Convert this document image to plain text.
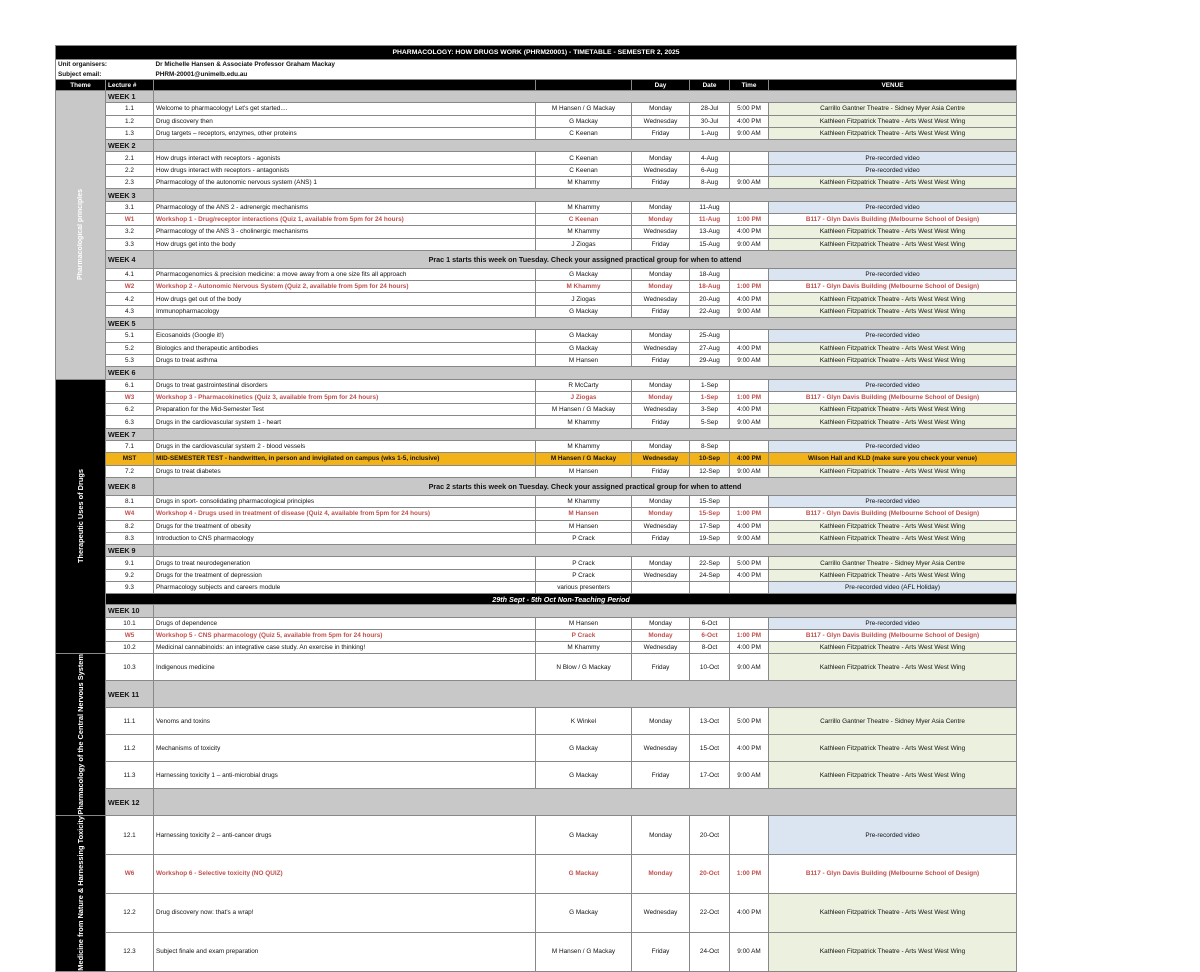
PHARMACOLOGY: HOW DRUGS WORK (PHRM20001) - TIMETABLE - SEMESTER 2, 2025							
Unit organisers:		Dr Michelle Hansen & Associate Professor Graham Mackay					
Subject email:		PHRM-20001@unimelb.edu.au					
Theme	Lecture #			Day	Date	Time	VENUE

Pharmacological principles	WEEK 1						
	1.1	Welcome to pharmacology! Let's get started....	M Hansen / G Mackay	Monday	28-Jul	5:00 PM	Carrillo Gantner Theatre - Sidney Myer Asia Centre
	1.2	Drug discovery then	G Mackay	Wednesday	30-Jul	4:00 PM	Kathleen Fitzpatrick Theatre - Arts West West Wing
	1.3	Drug targets – receptors, enzymes, other proteins	C Keenan	Friday	1-Aug	9:00 AM	Kathleen Fitzpatrick Theatre - Arts West West Wing
	WEEK 2						
	2.1	How drugs interact with receptors - agonists	C Keenan	Monday	4-Aug		Pre-recorded video
	2.2	How drugs interact with receptors - antagonists	C Keenan	Wednesday	6-Aug		Pre-recorded video
	2.3	Pharmacology of the autonomic nervous system (ANS) 1	M Khammy	Friday	8-Aug	9:00 AM	Kathleen Fitzpatrick Theatre - Arts West West Wing
	WEEK 3						
	3.1	Pharmacology of the ANS 2 - adrenergic mechanisms	M Khammy	Monday	11-Aug		Pre-recorded video
	W1	Workshop 1 - Drug/receptor interactions (Quiz 1, available from 5pm for 24 hours)	C Keenan	Monday	11-Aug	1:00 PM	B117 - Glyn Davis Building (Melbourne School of Design)
	3.2	Pharmacology of the ANS 3 - cholinergic mechanisms	M Khammy	Wednesday	13-Aug	4:00 PM	Kathleen Fitzpatrick Theatre - Arts West West Wing
	3.3	How drugs get into the body	J Ziogas	Friday	15-Aug	9:00 AM	Kathleen Fitzpatrick Theatre - Arts West West Wing
	WEEK 4	Prac 1 starts this week on Tuesday. Check your assigned practical group for when to attend					
	4.1	Pharmacogenomics & precision medicine: a move away from a one size fits all approach	G Mackay	Monday	18-Aug		Pre-recorded video
	W2	Workshop 2 - Autonomic Nervous System (Quiz 2, available from 5pm for 24 hours)	M Khammy	Monday	18-Aug	1:00 PM	B117 - Glyn Davis Building (Melbourne School of Design)
	4.2	How drugs get out of the body	J Ziogas	Wednesday	20-Aug	4:00 PM	Kathleen Fitzpatrick Theatre - Arts West West Wing
	4.3	Immunopharmacology	G Mackay	Friday	22-Aug	9:00 AM	Kathleen Fitzpatrick Theatre - Arts West West Wing
	WEEK 5						
	5.1	Eicosanoids (Google it!)	G Mackay	Monday	25-Aug		Pre-recorded video
	5.2	Biologics and therapeutic antibodies	G Mackay	Wednesday	27-Aug	4:00 PM	Kathleen Fitzpatrick Theatre - Arts West West Wing
	5.3	Drugs to treat asthma	M Hansen	Friday	29-Aug	9:00 AM	Kathleen Fitzpatrick Theatre - Arts West West Wing
	WEEK 6						

Therapeutic Uses of Drugs	6.1	Drugs to treat gastrointestinal disorders	R McCarty	Monday	1-Sep		Pre-recorded video
	W3	Workshop 3 - Pharmacokinetics (Quiz 3, available from 5pm for 24 hours)	J Ziogas	Monday	1-Sep	1:00 PM	B117 - Glyn Davis Building (Melbourne School of Design)
	6.2	Preparation for the Mid-Semester Test	M Hansen / G Mackay	Wednesday	3-Sep	4:00 PM	Kathleen Fitzpatrick Theatre - Arts West West Wing
	6.3	Drugs in the cardiovascular system 1 - heart	M Khammy	Friday	5-Sep	9:00 AM	Kathleen Fitzpatrick Theatre - Arts West West Wing
	WEEK 7						
	7.1	Drugs in the cardiovascular system 2 - blood vessels	M Khammy	Monday	8-Sep		Pre-recorded video
	MST	MID-SEMESTER TEST - handwritten, in person and invigilated on campus (wks 1-5, inclusive)	M Hansen / G Mackay	Wednesday	10-Sep	4:00 PM	Wilson Hall and KLD (make sure you check your venue)
	7.2	Drugs to treat diabetes	M Hansen	Friday	12-Sep	9:00 AM	Kathleen Fitzpatrick Theatre - Arts West West Wing
	WEEK 8	Prac 2 starts this week on Tuesday. Check your assigned practical group for when to attend					
	8.1	Drugs in sport- consolidating pharmacological principles	M Khammy	Monday	15-Sep		Pre-recorded video
	W4	Workshop 4 - Drugs used in treatment of disease (Quiz 4, available from 5pm for 24 hours)	M Hansen	Monday	15-Sep	1:00 PM	B117 - Glyn Davis Building (Melbourne School of Design)
	8.2	Drugs for the treatment of obesity	M Hansen	Wednesday	17-Sep	4:00 PM	Kathleen Fitzpatrick Theatre - Arts West West Wing
	8.3	Introduction to CNS pharmacology	P Crack	Friday	19-Sep	9:00 AM	Kathleen Fitzpatrick Theatre - Arts West West Wing
	WEEK 9						
	9.1	Drugs to treat neurodegeneration	P Crack	Monday	22-Sep	5:00 PM	Carrillo Gantner Theatre - Sidney Myer Asia Centre
	9.2	Drugs for the treatment of depression	P Crack	Wednesday	24-Sep	4:00 PM	Kathleen Fitzpatrick Theatre - Arts West West Wing
	9.3	Pharmacology subjects and careers module	various presenters				Pre-recorded video (AFL Holiday)
	29th Sept - 5th Oct Non-Teaching Period						
	WEEK 10						
	10.1	Drugs of dependence	M Hansen	Monday	6-Oct		Pre-recorded video
	W5	Workshop 5 - CNS pharmacology (Quiz 5, available from 5pm for 24 hours)	P Crack	Monday	6-Oct	1:00 PM	B117 - Glyn Davis Building (Melbourne School of Design)
	10.2	Medicinal cannabinoids: an integrative case study. An exercise in thinking!	M Khammy	Wednesday	8-Oct	4:00 PM	Kathleen Fitzpatrick Theatre - Arts West West Wing

Pharmacology of the Central Nervous System	10.3	Indigenous medicine	N Blow / G Mackay	Friday	10-Oct	9:00 AM	Kathleen Fitzpatrick Theatre - Arts West West Wing
	WEEK 11						
	11.1	Venoms and toxins	K Winkel	Monday	13-Oct	5:00 PM	Carrillo Gantner Theatre - Sidney Myer Asia Centre
	11.2	Mechanisms of toxicity	G Mackay	Wednesday	15-Oct	4:00 PM	Kathleen Fitzpatrick Theatre - Arts West West Wing
	11.3	Harnessing toxicity 1 – anti-microbial drugs	G Mackay	Friday	17-Oct	9:00 AM	Kathleen Fitzpatrick Theatre - Arts West West Wing
	WEEK 12						

Medicine from Nature & Harnessing Toxicity	12.1	Harnessing toxicity 2 – anti-cancer drugs	G Mackay	Monday	20-Oct		Pre-recorded video
	W6	Workshop 6 - Selective toxicity (NO QUIZ)	G Mackay	Monday	20-Oct	1:00 PM	B117 - Glyn Davis Building (Melbourne School of Design)
	12.2	Drug discovery now: that's a wrap!	G Mackay	Wednesday	22-Oct	4:00 PM	Kathleen Fitzpatrick Theatre - Arts West West Wing
	12.3	Subject finale and exam preparation	M Hansen / G Mackay	Friday	24-Oct	9:00 AM	Kathleen Fitzpatrick Theatre - Arts West West Wing
